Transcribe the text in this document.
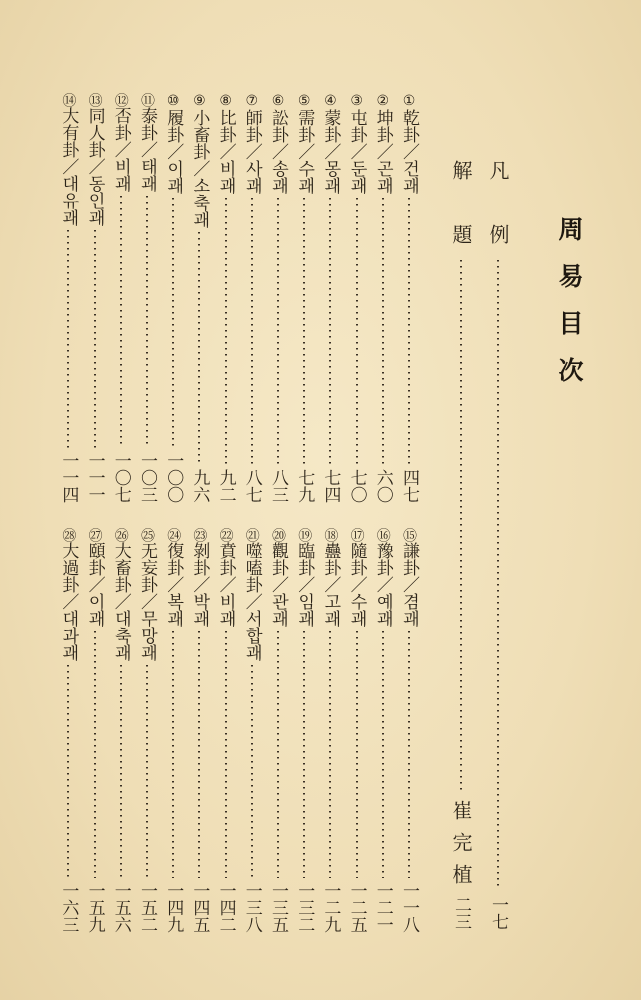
周易目次
凡 例
一七
解 題
崔完植
二三
①乾卦／건괘
四七
②坤卦／곤괘
六〇
③屯卦／둔괘
七〇
④蒙卦／몽괘
七四
⑤需卦／수괘
七九
⑥訟卦／송괘
八三
⑦師卦／사괘
八七
⑧比卦／비괘
九二
⑨小畜卦／소축괘
九六
⑩履卦／이괘
一〇〇
⑪泰卦／태괘
一〇三
⑫否卦／비괘
一〇七
⑬同人卦／동인괘
一一一
⑭大有卦／대유괘
一一四
⑮謙卦／겸괘
一一八
⑯豫卦／예괘
一二一
⑰隨卦／수괘
一二五
⑱蠱卦／고괘
一二九
⑲臨卦／임괘
一三二
⑳觀卦／관괘
一三五
㉑噬嗑卦／서합괘
一三八
㉒賁卦／비괘
一四二
㉓剝卦／박괘
一四五
㉔復卦／복괘
一四九
㉕无妄卦／무망괘
一五二
㉖大畜卦／대축괘
一五六
㉗頤卦／이괘
一五九
㉘大過卦／대과괘
一六三
